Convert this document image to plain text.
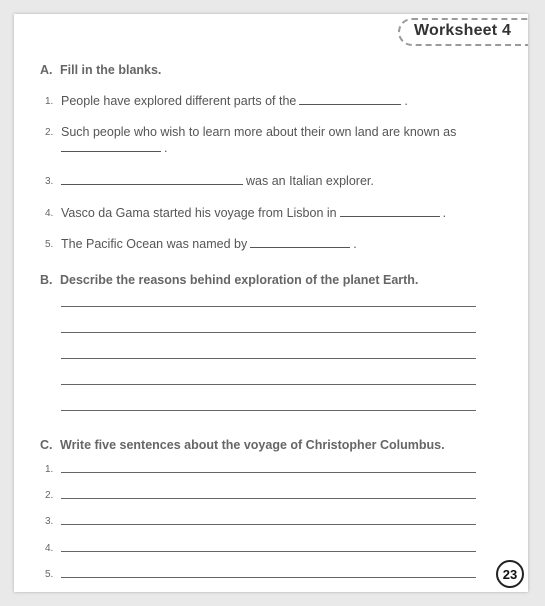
Worksheet 4
A. Fill in the blanks.
1. People have explored different parts of the	.
2. Such people who wish to learn more about their own land are known as
.
3.	was an Italian explorer.
4. Vasco da Gama started his voyage from Lisbon in	.
5. The Pacific Ocean was named by	.
B. Describe the reasons behind exploration of the planet Earth.
C. Write five sentences about the voyage of Christopher Columbus.
1.
2.
3.
4.
5.	23
